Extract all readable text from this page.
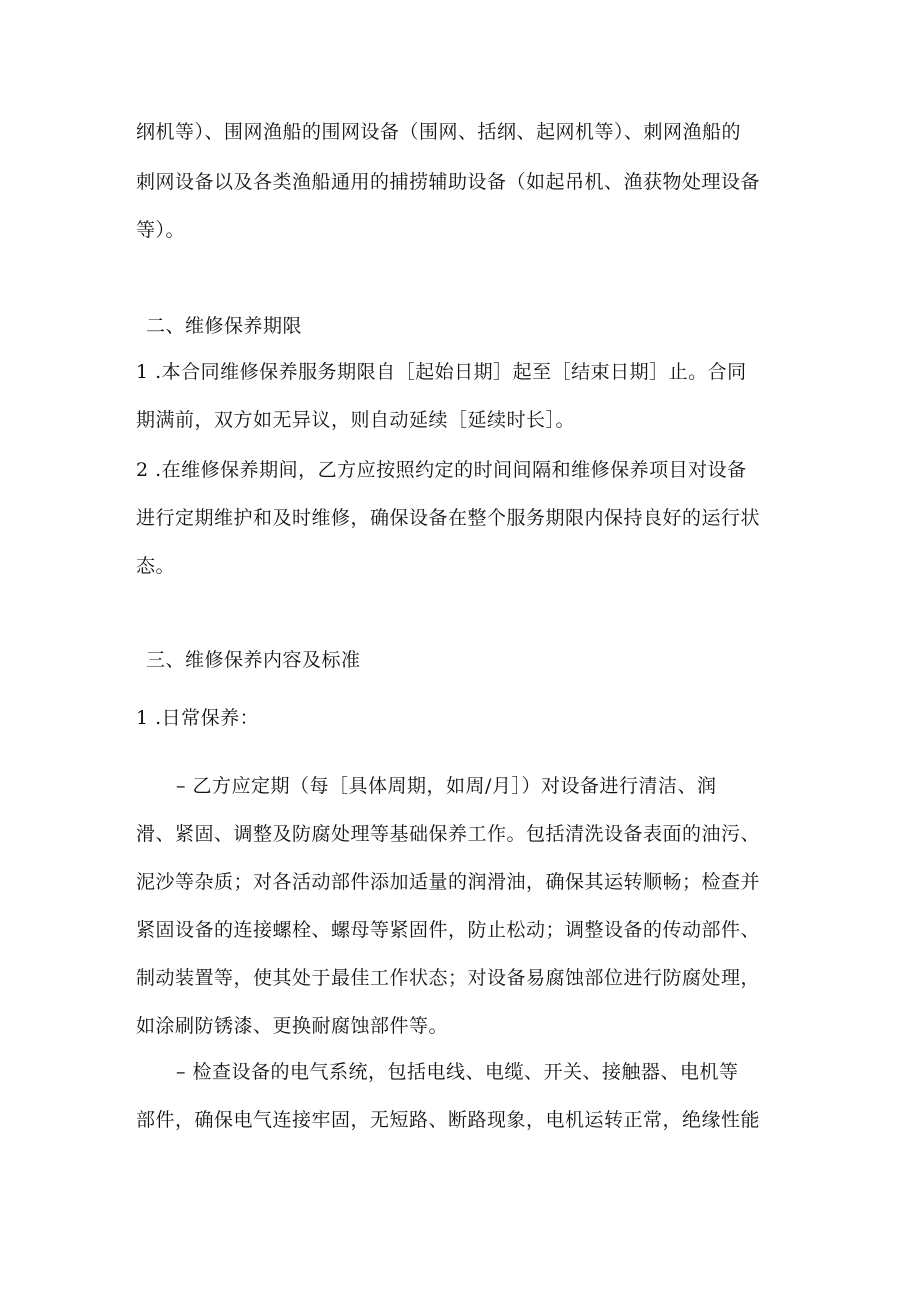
纲机等）、围网渔船的围网设备（围网、括纲、起网机等）、刺网渔船的
刺网设备以及各类渔船通用的捕捞辅助设备（如起吊机、渔获物处理设备
等）。
二、维修保养期限
1 .本合同维修保养服务期限自［起始日期］起至［结束日期］止。合同
期满前，双方如无异议，则自动延续［延续时长］。
2 .在维修保养期间，乙方应按照约定的时间间隔和维修保养项目对设备
进行定期维护和及时维修，确保设备在整个服务期限内保持良好的运行状
态。
三、维修保养内容及标准
1 .日常保养：
– 乙方应定期（每［具体周期，如周/月］）对设备进行清洁、润
滑、紧固、调整及防腐处理等基础保养工作。包括清洗设备表面的油污、
泥沙等杂质；对各活动部件添加适量的润滑油，确保其运转顺畅；检查并
紧固设备的连接螺栓、螺母等紧固件，防止松动；调整设备的传动部件、
制动装置等，使其处于最佳工作状态；对设备易腐蚀部位进行防腐处理，
如涂刷防锈漆、更换耐腐蚀部件等。
– 检查设备的电气系统，包括电线、电缆、开关、接触器、电机等
部件，确保电气连接牢固，无短路、断路现象，电机运转正常，绝缘性能
